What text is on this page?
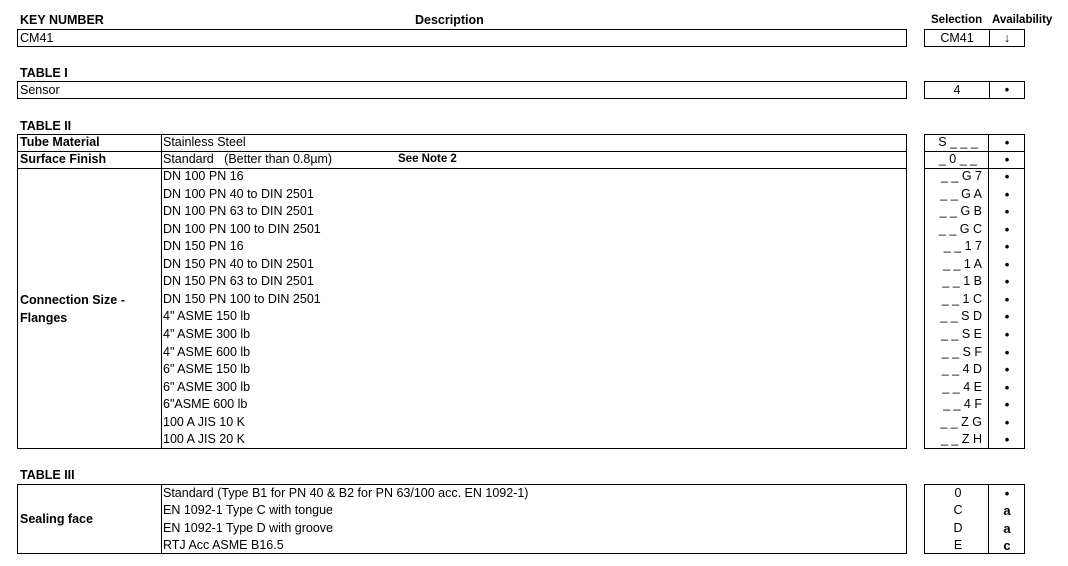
KEY NUMBER	Description	Selection Availability
CM41	CM41	↓
TABLE I
Sensor	4	•
TABLE II
Tube Material	Stainless Steel	S _ _ _	•
Surface Finish	Standard   (Better than 0.8µm)	See Note 2	_ 0 _ _	•
Connection Size -
Flanges
DN 100 PN 16	_ _ G 7	•
DN 100 PN 40 to DIN 2501	_ _ G A	•
DN 100 PN 63 to DIN 2501	_ _ G B	•
DN 100 PN 100 to DIN 2501	_ _ G C	•
DN 150 PN 16	_ _ 1 7	•
DN 150 PN 40 to DIN 2501	_ _ 1 A	•
DN 150 PN 63 to DIN 2501	_ _ 1 B	•
DN 150 PN 100 to DIN 2501	_ _ 1 C	•
4" ASME 150 lb	_ _ S D	•
4" ASME 300 lb	_ _ S E	•
4" ASME 600 lb	_ _ S F	•
6" ASME 150 lb	_ _ 4 D	•
6" ASME 300 lb	_ _ 4 E	•
6"ASME 600 lb	_ _ 4 F	•
100 A JIS 10 K	_ _ Z G	•
100 A JIS 20 K	_ _ Z H	•
TABLE III
Sealing face
Standard (Type B1 for PN 40 & B2 for PN 63/100 acc. EN 1092-1)	0	•
EN 1092-1 Type C with tongue	C	a
EN 1092-1 Type D with groove	D	a
RTJ Acc ASME B16.5	E	c
